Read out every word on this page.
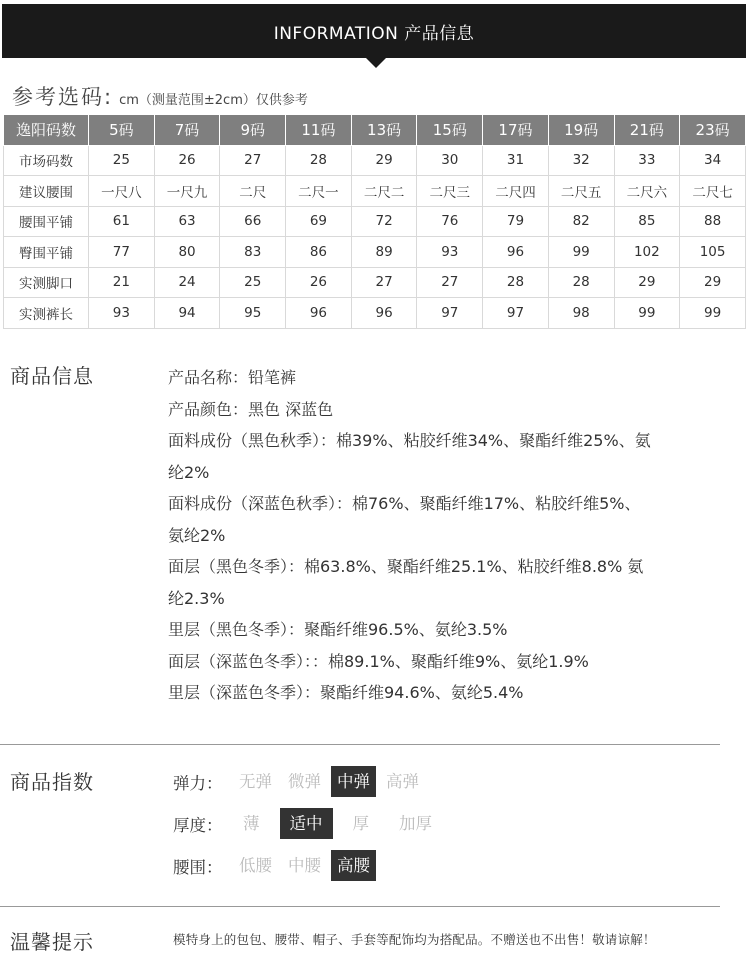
INFORMATION 产品信息
参考选码: cm（测量范围±2cm）仅供参考
逸阳码数	5码	7码	9码	11码	13码	15码	17码	19码	21码	23码
市场码数	25	26	27	28	29	30	31	32	33	34
建议腰围	一尺八	一尺九	二尺	二尺一	二尺二	二尺三	二尺四	二尺五	二尺六	二尺七
腰围平铺	61	63	66	69	72	76	79	82	85	88
臀围平铺	77	80	83	86	89	93	96	99	102	105
实测脚口	21	24	25	26	27	27	28	28	29	29
实测裤长	93	94	95	96	96	97	97	98	99	99
商品信息	产品名称：铅笔裤
产品颜色：黑色 深蓝色
面料成份（黑色秋季）：棉39%、粘胶纤维34%、聚酯纤维25%、氨
纶2%
面料成份（深蓝色秋季）：棉76%、聚酯纤维17%、粘胶纤维5%、
氨纶2%
面层（黑色冬季）：棉63.8%、聚酯纤维25.1%、粘胶纤维8.8% 氨
纶2.3%
里层（黑色冬季）：聚酯纤维96.5%、氨纶3.5%
面层（深蓝色冬季）：：棉89.1%、聚酯纤维9%、氨纶1.9%
里层（深蓝色冬季）：聚酯纤维94.6%、氨纶5.4%
商品指数	弹力：	无弹 微弹 中弹 高弹
厚度：	薄	适中	厚	加厚
腰围：	低腰 中腰 高腰
温馨提示	模特身上的包包、腰带、帽子、手套等配饰均为搭配品。不赠送也不出售！敬请谅解！
